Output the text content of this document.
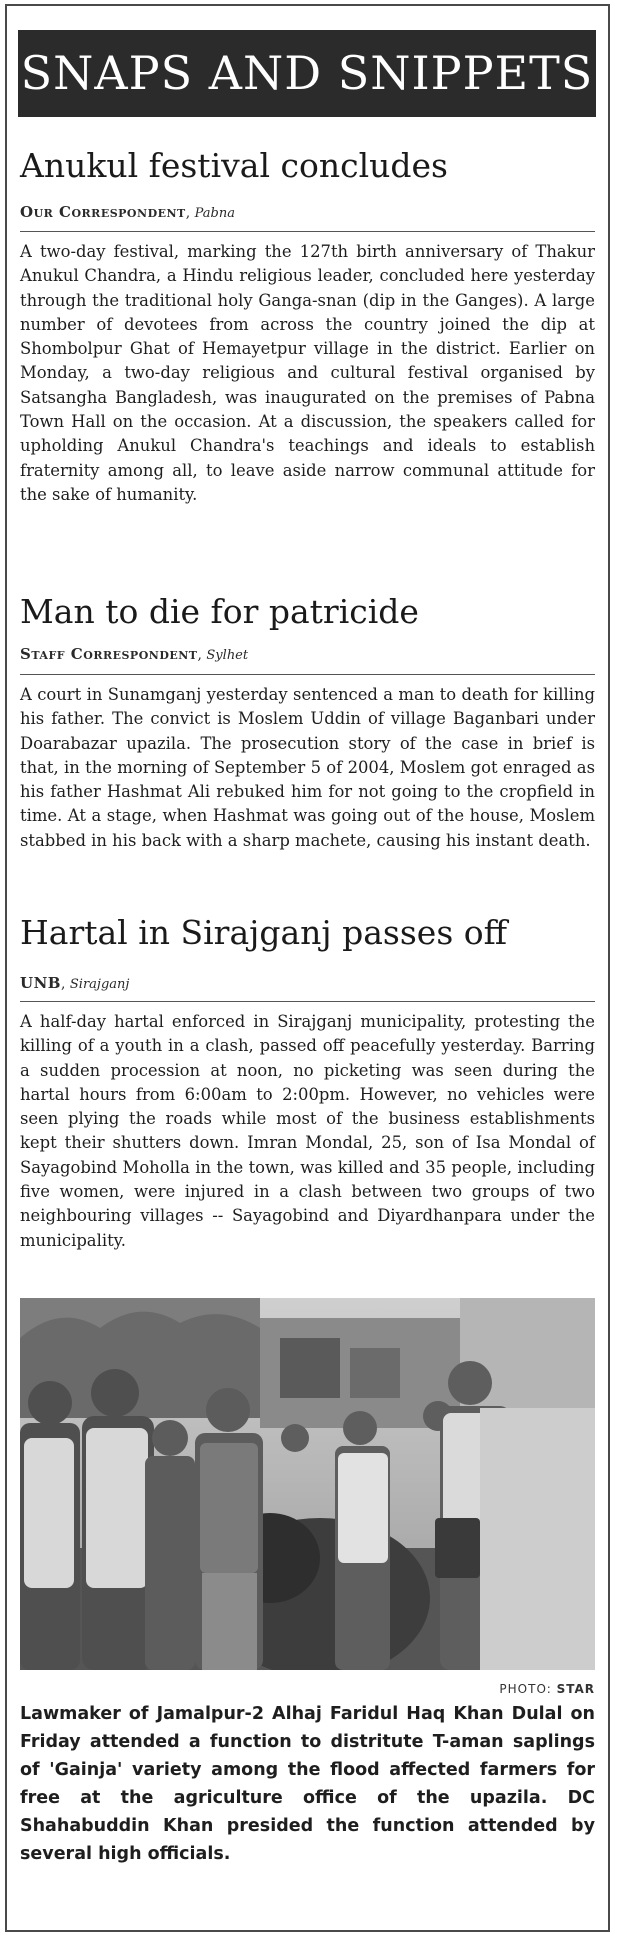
SNAPS AND SNIPPETS
Anukul festival concludes
Our Correspondent, Pabna

A two-day festival, marking the 127th birth anniversary of Thakur Anukul Chandra, a Hindu religious leader, concluded here yesterday through the traditional holy Ganga-snan (dip in the Ganges). A large number of devotees from across the country joined the dip at Shombolpur Ghat of Hemayetpur village in the district. Earlier on Monday, a two-day religious and cultural festival organised by Satsangha Bangladesh, was inaugurated on the premises of Pabna Town Hall on the occasion. At a discussion, the speakers called for upholding Anukul Chandra's teachings and ideals to establish fraternity among all, to leave aside narrow communal attitude for the sake of humanity.

Man to die for patricide
Staff Correspondent, Sylhet

A court in Sunamganj yesterday sentenced a man to death for killing his father. The convict is Moslem Uddin of village Baganbari under Doarabazar upazila. The prosecution story of the case in brief is that, in the morning of September 5 of 2004, Moslem got enraged as his father Hashmat Ali rebuked him for not going to the cropfield in time. At a stage, when Hashmat was going out of the house, Moslem stabbed in his back with a sharp machete, causing his instant death.

Hartal in Sirajganj passes off
UNB, Sirajganj

A half-day hartal enforced in Sirajganj municipality, protesting the killing of a youth in a clash, passed off peacefully yesterday. Barring a sudden procession at noon, no picketing was seen during the hartal hours from 6:00am to 2:00pm. However, no vehicles were seen plying the roads while most of the business establishments kept their shutters down. Imran Mondal, 25, son of Isa Mondal of Sayagobind Moholla in the town, was killed and 35 people, including five women, were injured in a clash between two groups of two neighbouring villages -- Sayagobind and Diyardhanpara under the municipality.

PHOTO: STAR

Lawmaker of Jamalpur-2 Alhaj Faridul Haq Khan Dulal on Friday attended a function to distritute T-aman saplings of 'Gainja' variety among the flood affected farmers for free at the agriculture office of the upazila. DC Shahabuddin Khan presided the function attended by several high officials.
